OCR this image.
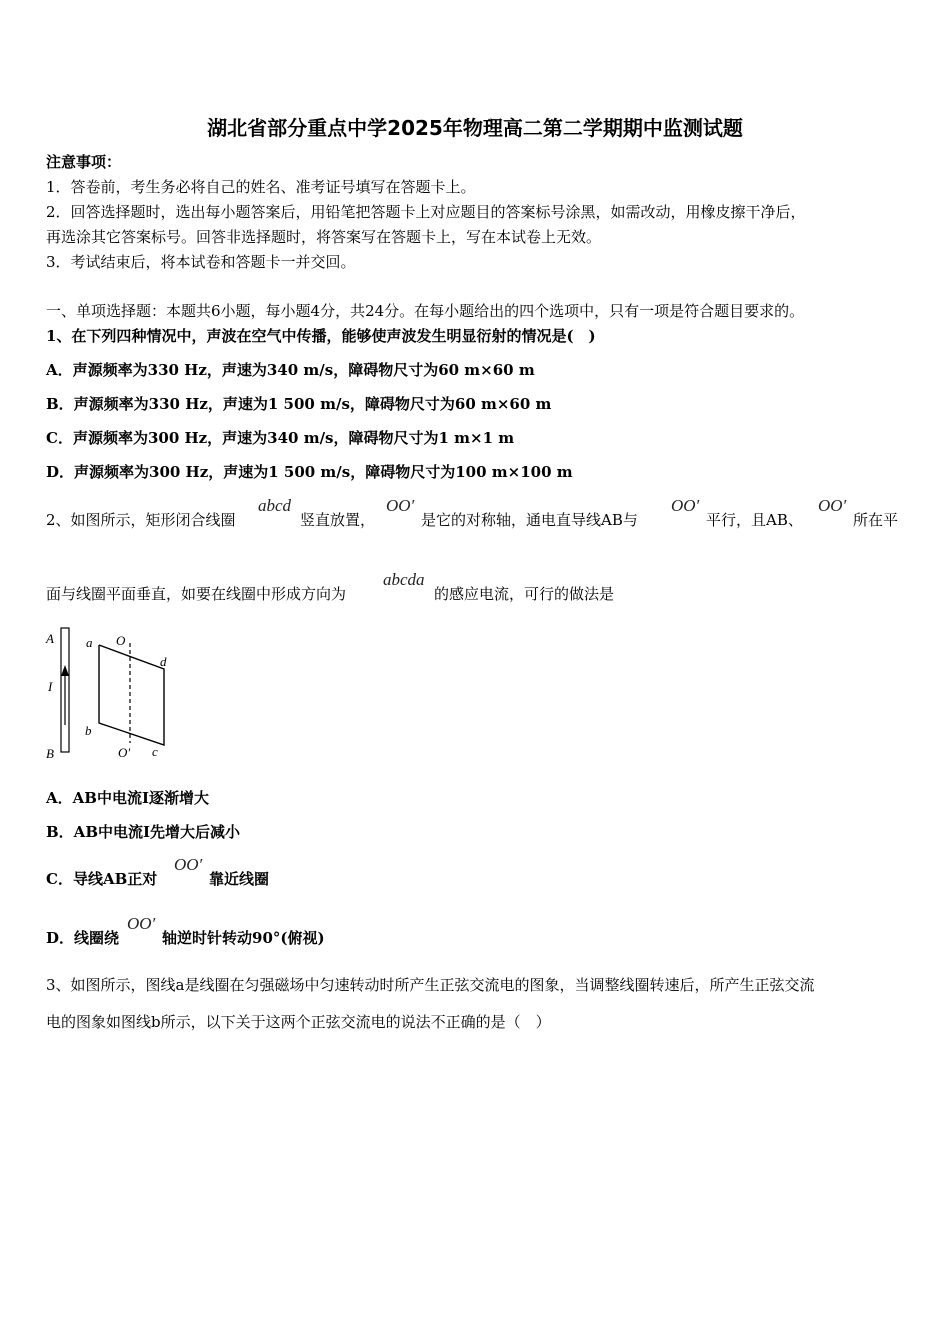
湖北省部分重点中学2025年物理高二第二学期期中监测试题
注意事项：
1．答卷前，考生务必将自己的姓名、准考证号填写在答题卡上。
2．回答选择题时，选出每小题答案后，用铅笔把答题卡上对应题目的答案标号涂黑，如需改动，用橡皮擦干净后，
再选涂其它答案标号。回答非选择题时，将答案写在答题卡上，写在本试卷上无效。
3．考试结束后，将本试卷和答题卡一并交回。
一、单项选择题：本题共6小题，每小题4分，共24分。在每小题给出的四个选项中，只有一项是符合题目要求的。
1、在下列四种情况中，声波在空气中传播，能够使声波发生明显衍射的情况是(　)
A．声源频率为330 Hz，声速为340 m/s，障碍物尺寸为60 m×60 m
B．声源频率为330 Hz，声速为1 500 m/s，障碍物尺寸为60 m×60 m
C．声源频率为300 Hz，声速为340 m/s，障碍物尺寸为1 m×1 m
D．声源频率为300 Hz，声速为1 500 m/s，障碍物尺寸为100 m×100 m
2、如图所示，矩形闭合线圈
abcd
竖直放置，
OO′
是它的对称轴，通电直导线AB与
OO′
平行，且AB、
OO′
所在平
面与线圈平面垂直，如要在线圈中形成方向为
abcda
的感应电流，可行的做法是
A
B
I
a
b
c
d
O
O′
A．AB中电流Ⅰ逐渐增大
B．AB中电流I先增大后减小
C．导线AB正对
OO′
靠近线圈
D．线圈绕
OO′
轴逆时针转动90°(俯视)
3、如图所示，图线a是线圈在匀强磁场中匀速转动时所产生正弦交流电的图象，当调整线圈转速后，所产生正弦交流
电的图象如图线b所示，以下关于这两个正弦交流电的说法不正确的是（　）
